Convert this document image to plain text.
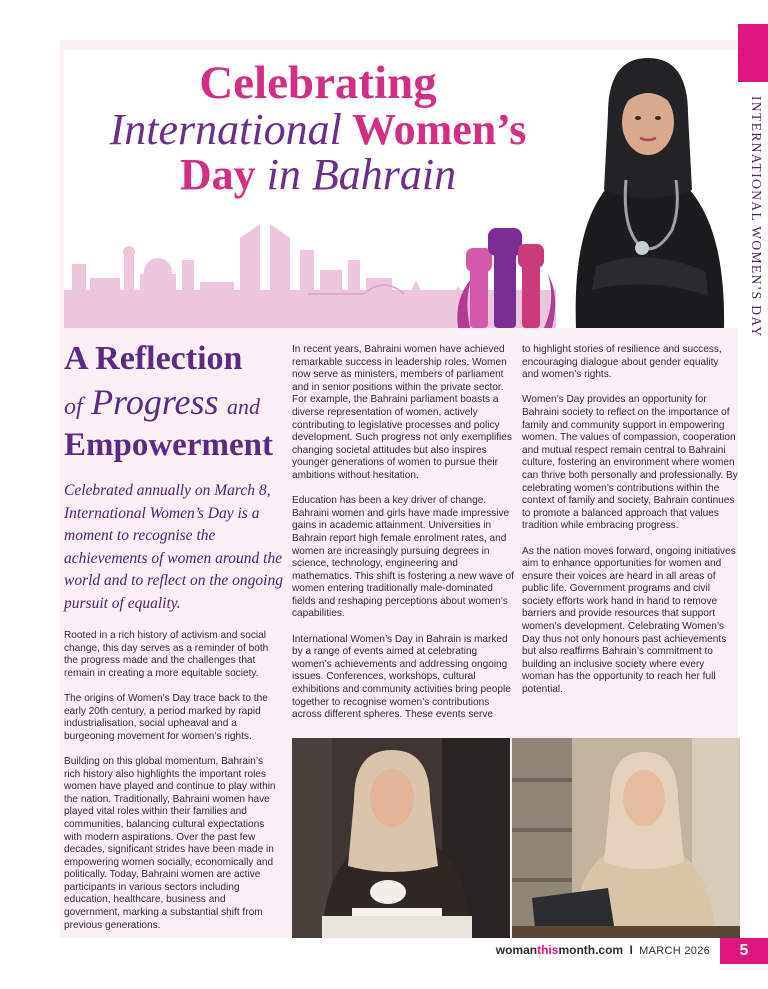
INTERNATIONAL WOMEN’S DAY
Celebrating
International Women’s
Day in Bahrain
A Reflection
of Progress and
Empowerment
Celebrated annually on March 8, International Women’s Day is a moment to recognise the achievements of women around the world and to reflect on the ongoing pursuit of equality.

Rooted in a rich history of activism and social change, this day serves as a reminder of both the progress made and the challenges that remain in creating a more equitable society.

The origins of Women’s Day trace back to the early 20th century, a period marked by rapid industrialisation, social upheaval and a burgeoning movement for women’s rights.

Building on this global momentum, Bahrain’s rich history also highlights the important roles women have played and continue to play within the nation. Traditionally, Bahraini women have played vital roles within their families and communities, balancing cultural expectations with modern aspirations. Over the past few decades, significant strides have been made in empowering women socially, economically and politically. Today, Bahraini women are active participants in various sectors including education, healthcare, business and government, marking a substantial shift from previous generations.

In recent years, Bahraini women have achieved remarkable success in leadership roles. Women now serve as ministers, members of parliament and in senior positions within the private sector. For example, the Bahraini parliament boasts a diverse representation of women, actively contributing to legislative processes and policy development. Such progress not only exemplifies changing societal attitudes but also inspires younger generations of women to pursue their ambitions without hesitation.

Education has been a key driver of change. Bahraini women and girls have made impressive gains in academic attainment. Universities in Bahrain report high female enrolment rates, and women are increasingly pursuing degrees in science, technology, engineering and mathematics. This shift is fostering a new wave of women entering traditionally male-dominated fields and reshaping perceptions about women’s capabilities.

International Women’s Day in Bahrain is marked by a range of events aimed at celebrating women’s achievements and addressing ongoing issues. Conferences, workshops, cultural exhibitions and community activities bring people together to recognise women’s contributions across different spheres. These events serve

to highlight stories of resilience and success, encouraging dialogue about gender equality and women’s rights.

Women’s Day provides an opportunity for Bahraini society to reflect on the importance of family and community support in empowering women. The values of compassion, cooperation and mutual respect remain central to Bahraini culture, fostering an environment where women can thrive both personally and professionally. By celebrating women’s contributions within the context of family and society, Bahrain continues to promote a balanced approach that values tradition while embracing progress.

As the nation moves forward, ongoing initiatives aim to enhance opportunities for women and ensure their voices are heard in all areas of public life. Government programs and civil society efforts work hand in hand to remove barriers and provide resources that support women’s development. Celebrating Women’s Day thus not only honours past achievements but also reaffirms Bahrain’s commitment to building an inclusive society where every woman has the opportunity to reach her full potential.

womanthismonth.com I MARCH 2026	5
